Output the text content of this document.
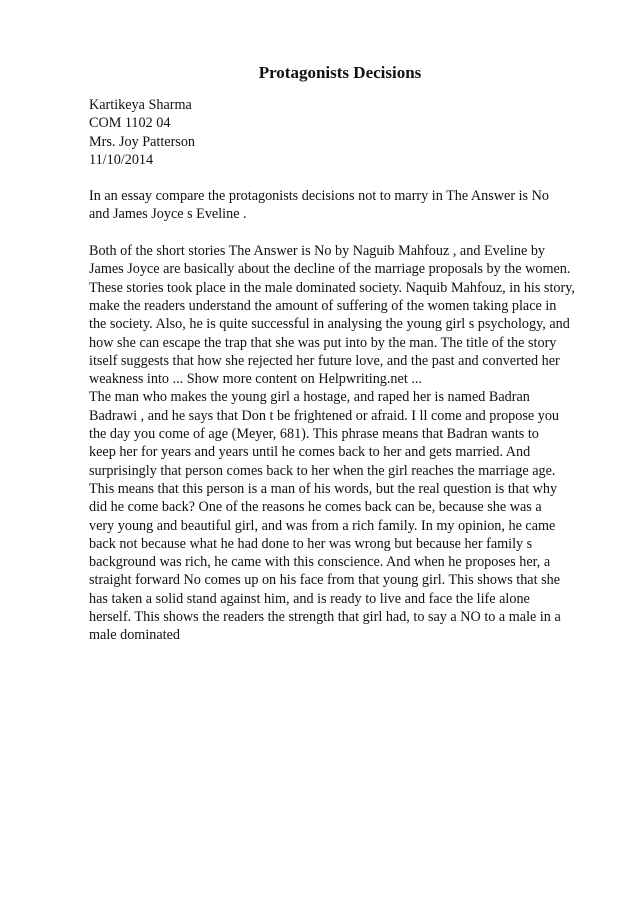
Protagonists Decisions
Kartikeya Sharma
COM 1102 04
Mrs. Joy Patterson
11/10/2014
In an essay compare the protagonists decisions not to marry in The Answer is No
and James Joyce s Eveline .
Both of the short stories The Answer is No by Naguib Mahfouz , and Eveline by
James Joyce are basically about the decline of the marriage proposals by the women.
These stories took place in the male dominated society. Naquib Mahfouz, in his story,
make the readers understand the amount of suffering of the women taking place in
the society. Also, he is quite successful in analysing the young girl s psychology, and
how she can escape the trap that she was put into by the man. The title of the story
itself suggests that how she rejected her future love, and the past and converted her
weakness into ... Show more content on Helpwriting.net ...
The man who makes the young girl a hostage, and raped her is named Badran
Badrawi , and he says that Don t be frightened or afraid. I ll come and propose you
the day you come of age (Meyer, 681). This phrase means that Badran wants to
keep her for years and years until he comes back to her and gets married. And
surprisingly that person comes back to her when the girl reaches the marriage age.
This means that this person is a man of his words, but the real question is that why
did he come back? One of the reasons he comes back can be, because she was a
very young and beautiful girl, and was from a rich family. In my opinion, he came
back not because what he had done to her was wrong but because her family s
background was rich, he came with this conscience. And when he proposes her, a
straight forward No comes up on his face from that young girl. This shows that she
has taken a solid stand against him, and is ready to live and face the life alone
herself. This shows the readers the strength that girl had, to say a NO to a male in a
male dominated
